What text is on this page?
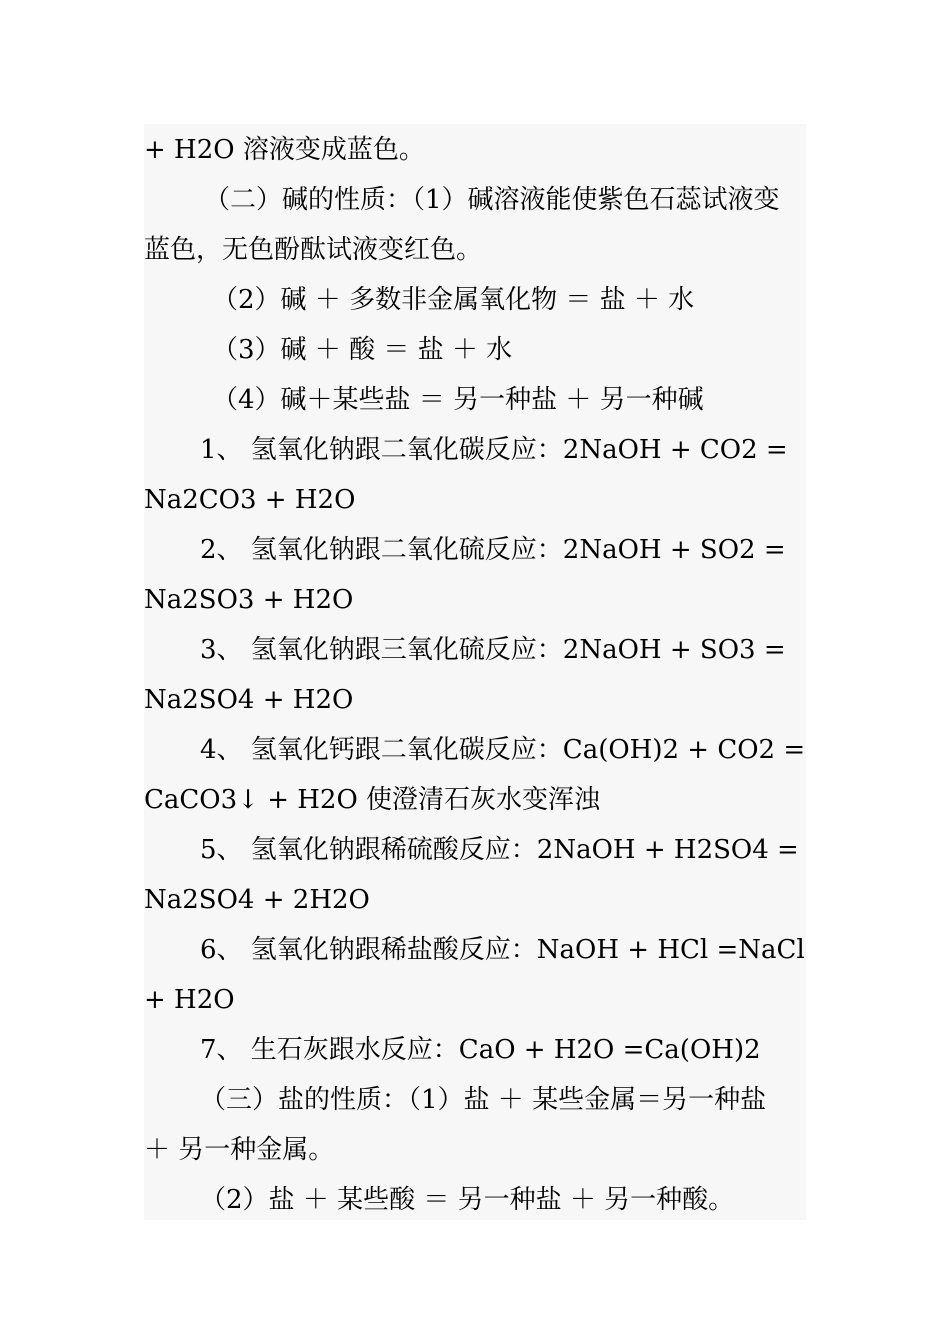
+ H2O 溶液变成蓝色。
（二）碱的性质：（1）碱溶液能使紫色石蕊试液变
蓝色，无色酚酞试液变红色。
（2）碱 ＋ 多数非金属氧化物 ＝ 盐 ＋ 水
（3）碱 ＋ 酸 ＝ 盐 ＋ 水
（4）碱＋某些盐 ＝ 另一种盐 ＋ 另一种碱
1、 氢氧化钠跟二氧化碳反应：2NaOH + CO2 =
Na2CO3 + H2O
2、 氢氧化钠跟二氧化硫反应：2NaOH + SO2 =
Na2SO3 + H2O
3、 氢氧化钠跟三氧化硫反应：2NaOH + SO3 =
Na2SO4 + H2O
4、 氢氧化钙跟二氧化碳反应：Ca(OH)2 + CO2 =
CaCO3↓ + H2O 使澄清石灰水变浑浊
5、 氢氧化钠跟稀硫酸反应：2NaOH + H2SO4 =
Na2SO4 + 2H2O
6、 氢氧化钠跟稀盐酸反应：NaOH + HCl =NaCl
+ H2O
7、 生石灰跟水反应：CaO + H2O =Ca(OH)2
（三）盐的性质：（1）盐 ＋ 某些金属＝另一种盐
＋ 另一种金属。
（2）盐 ＋ 某些酸 ＝ 另一种盐 ＋ 另一种酸。
